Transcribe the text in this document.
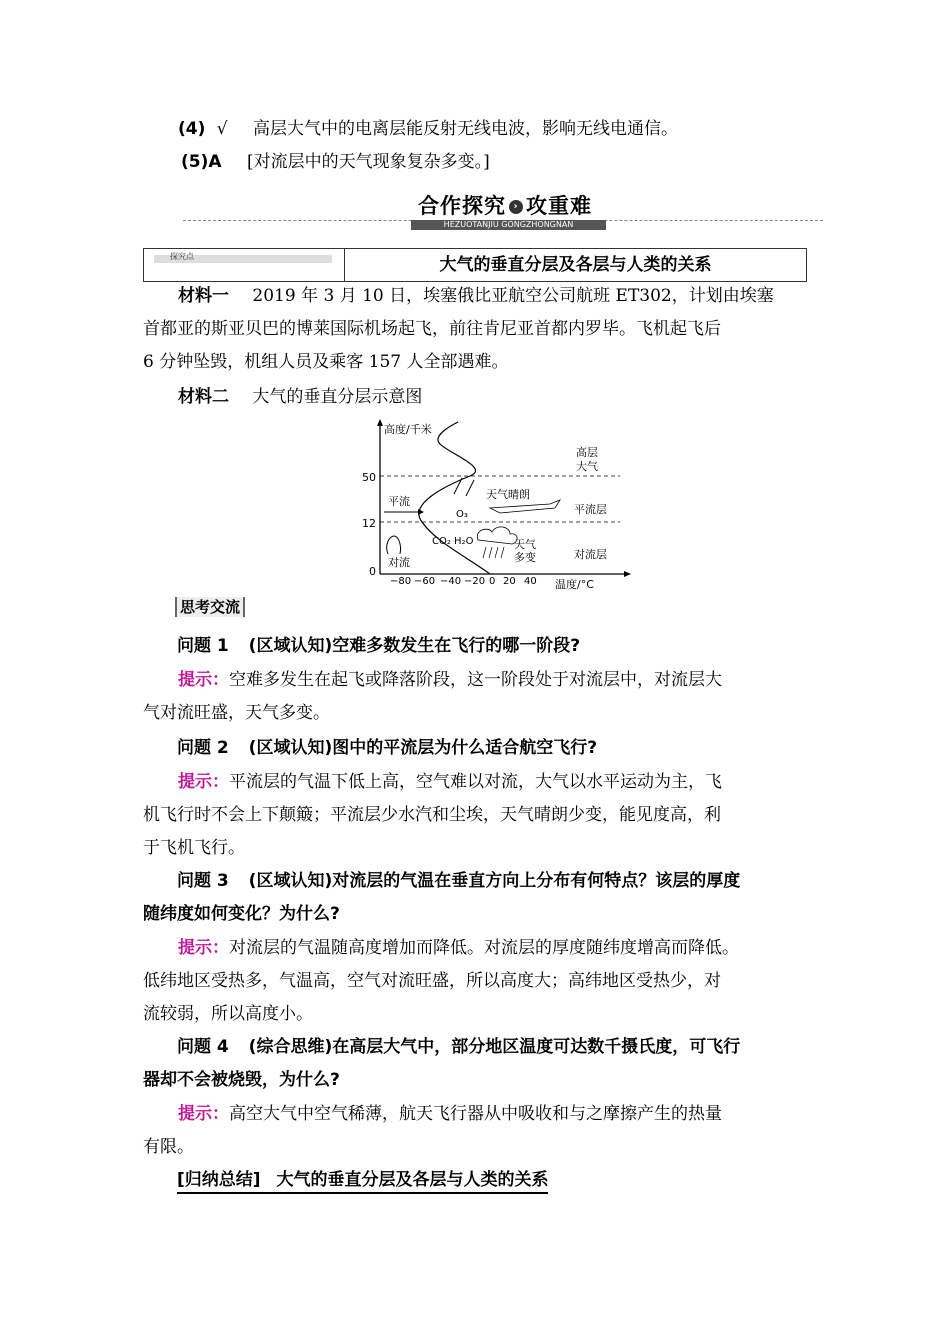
(4) √ 高层大气中的电离层能反射无线电波，影响无线电通信。
(5)A [对流层中的天气现象复杂多变。]
合作探究 › 攻重难
HEZUOTANJIU GONGZHONGNAN
探究点	大气的垂直分层及各层与人类的关系
材料一 2019 年 3 月 10 日，埃塞俄比亚航空公司航班 ET302，计划由埃塞
首都亚的斯亚贝巴的博莱国际机场起飞，前往肯尼亚首都内罗毕。飞机起飞后
6 分钟坠毁，机组人员及乘客 157 人全部遇难。
材料二 大气的垂直分层示意图
高度/千米
温度/°C
50
12
0
−80 −60 −40 −20 0 20 40
高层
大气
平流层
对流层
平流
对流
O₃
天气晴朗
CO₂ H₂O	天气
多变
思考交流
问题 1 (区域认知)空难多数发生在飞行的哪一阶段?
提示：空难多发生在起飞或降落阶段，这一阶段处于对流层中，对流层大
气对流旺盛，天气多变。
问题 2 (区域认知)图中的平流层为什么适合航空飞行?
提示：平流层的气温下低上高，空气难以对流，大气以水平运动为主，飞
机飞行时不会上下颠簸；平流层少水汽和尘埃，天气晴朗少变，能见度高，利
于飞机飞行。
问题 3 (区域认知)对流层的气温在垂直方向上分布有何特点？该层的厚度
随纬度如何变化？为什么?
提示：对流层的气温随高度增加而降低。对流层的厚度随纬度增高而降低。
低纬地区受热多，气温高，空气对流旺盛，所以高度大；高纬地区受热少，对
流较弱，所以高度小。
问题 4 (综合思维)在高层大气中，部分地区温度可达数千摄氏度，可飞行
器却不会被烧毁，为什么?
提示：高空大气中空气稀薄，航天飞行器从中吸收和与之摩擦产生的热量
有限。
[归纳总结] 大气的垂直分层及各层与人类的关系
